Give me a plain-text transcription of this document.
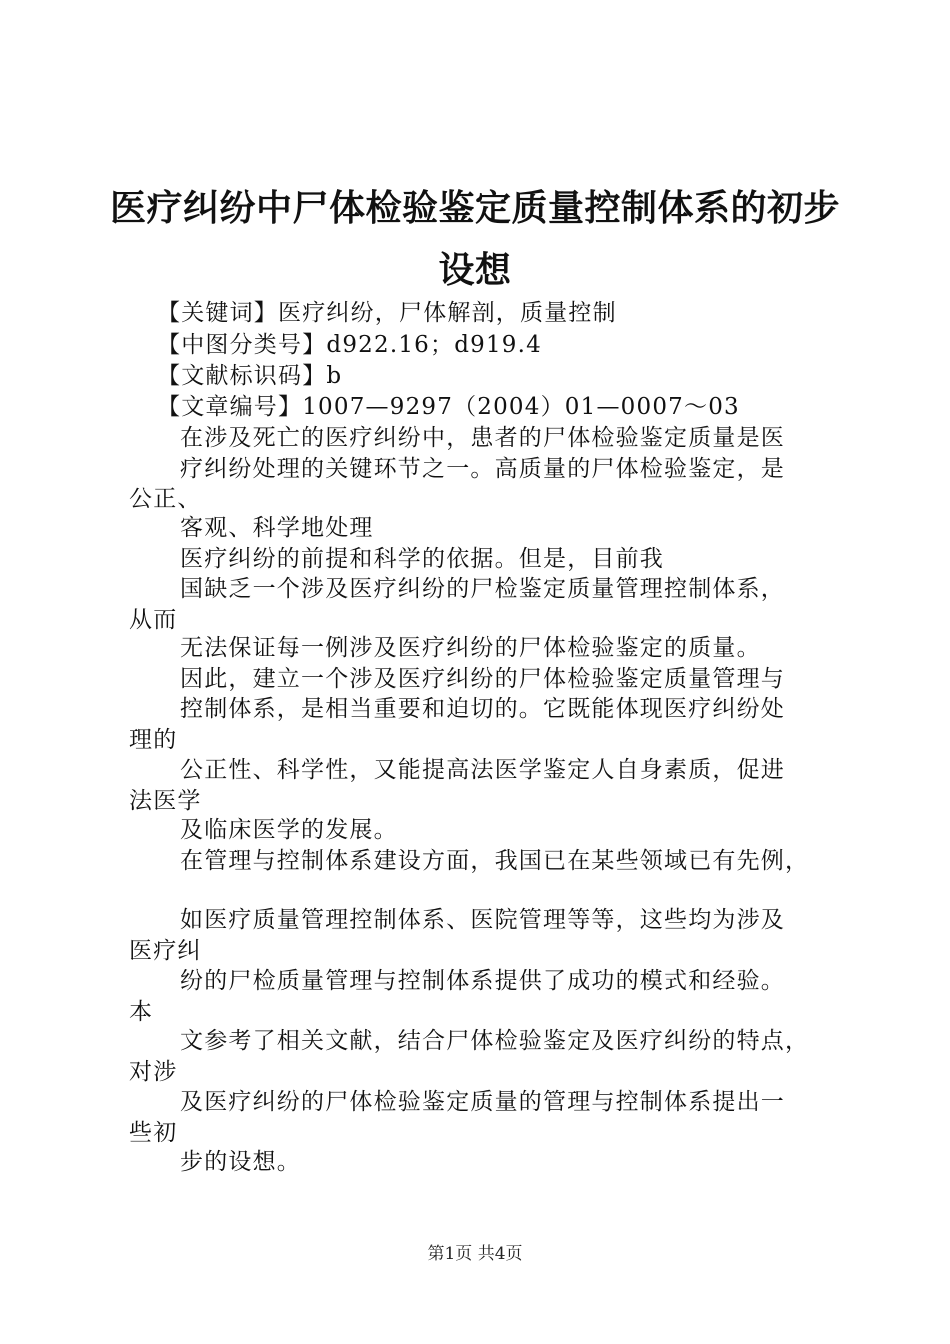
医疗纠纷中尸体检验鉴定质量控制体系的初步
设想
【关键词】医疗纠纷，尸体解剖，质量控制
【中图分类号】d922.16；d919.4
【文献标识码】b
【文章编号】1007—9297（2004）01—0007～03
在涉及死亡的医疗纠纷中，患者的尸体检验鉴定质量是医
疗纠纷处理的关键环节之一。高质量的尸体检验鉴定，是
公正、
客观、科学地处理
医疗纠纷的前提和科学的依据。但是，目前我
国缺乏一个涉及医疗纠纷的尸检鉴定质量管理控制体系，
从而
无法保证每一例涉及医疗纠纷的尸体检验鉴定的质量。
因此，建立一个涉及医疗纠纷的尸体检验鉴定质量管理与
控制体系，是相当重要和迫切的。它既能体现医疗纠纷处
理的
公正性、科学性，又能提高法医学鉴定人自身素质，促进
法医学
及临床医学的发展。
在管理与控制体系建设方面，我国已在某些领域已有先例，
如医疗质量管理控制体系、医院管理等等，这些均为涉及
医疗纠
纷的尸检质量管理与控制体系提供了成功的模式和经验。
本
文参考了相关文献，结合尸体检验鉴定及医疗纠纷的特点，
对涉
及医疗纠纷的尸体检验鉴定质量的管理与控制体系提出一
些初
步的设想。
第1页 共4页
